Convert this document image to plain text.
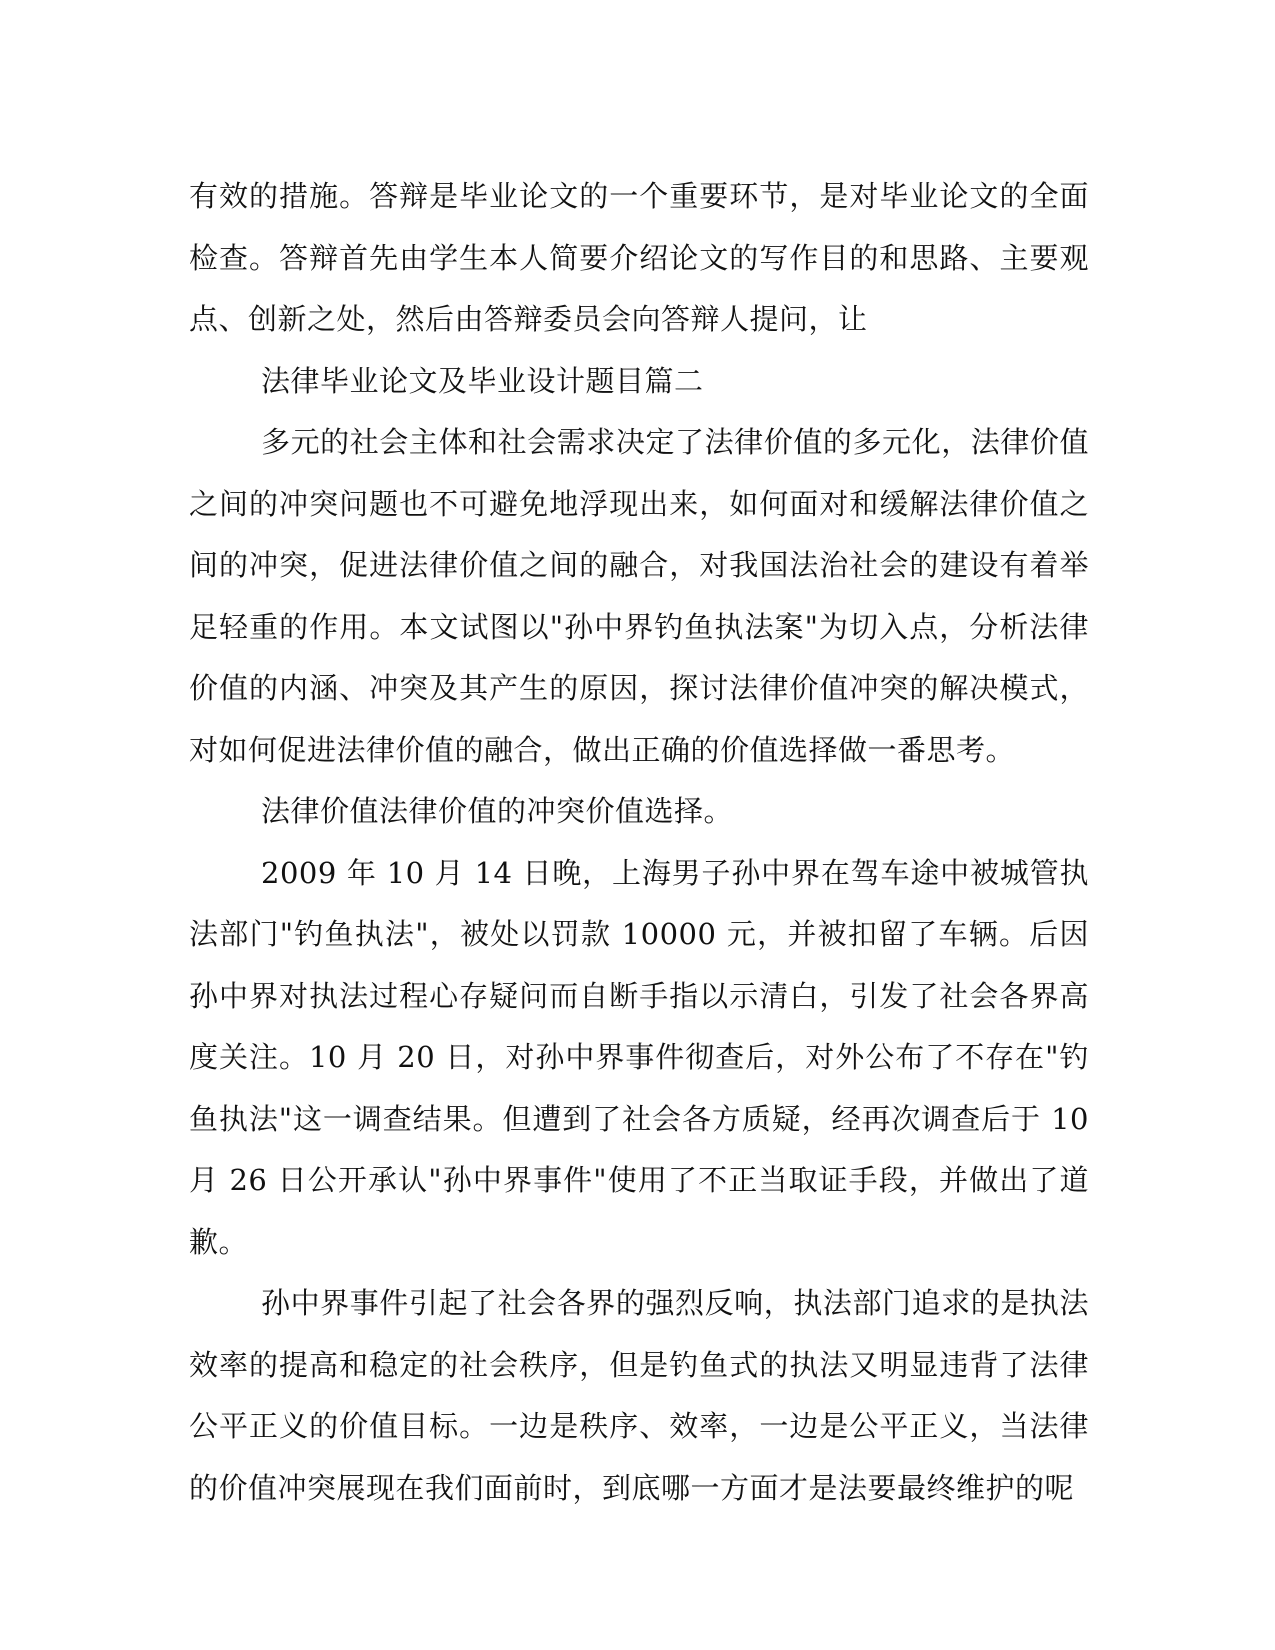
有效的措施。答辩是毕业论文的一个重要环节，是对毕业论文的全面检查。答辩首先由学生本人简要介绍论文的写作目的和思路、主要观点、创新之处，然后由答辩委员会向答辩人提问，让

法律毕业论文及毕业设计题目篇二

多元的社会主体和社会需求决定了法律价值的多元化，法律价值之间的冲突问题也不可避免地浮现出来，如何面对和缓解法律价值之间的冲突，促进法律价值之间的融合，对我国法治社会的建设有着举足轻重的作用。本文试图以"孙中界钓鱼执法案"为切入点，分析法律价值的内涵、冲突及其产生的原因，探讨法律价值冲突的解决模式，对如何促进法律价值的融合，做出正确的价值选择做一番思考。

法律价值法律价值的冲突价值选择。

2009 年 10 月 14 日晚，上海男子孙中界在驾车途中被城管执法部门"钓鱼执法"，被处以罚款 10000 元，并被扣留了车辆。后因孙中界对执法过程心存疑问而自断手指以示清白，引发了社会各界高度关注。10 月 20 日，对孙中界事件彻查后，对外公布了不存在"钓鱼执法"这一调查结果。但遭到了社会各方质疑，经再次调查后于 10 月 26 日公开承认"孙中界事件"使用了不正当取证手段，并做出了道歉。

孙中界事件引起了社会各界的强烈反响，执法部门追求的是执法效率的提高和稳定的社会秩序，但是钓鱼式的执法又明显违背了法律公平正义的价值目标。一边是秩序、效率，一边是公平正义，当法律的价值冲突展现在我们面前时，到底哪一方面才是法要最终维护的呢
